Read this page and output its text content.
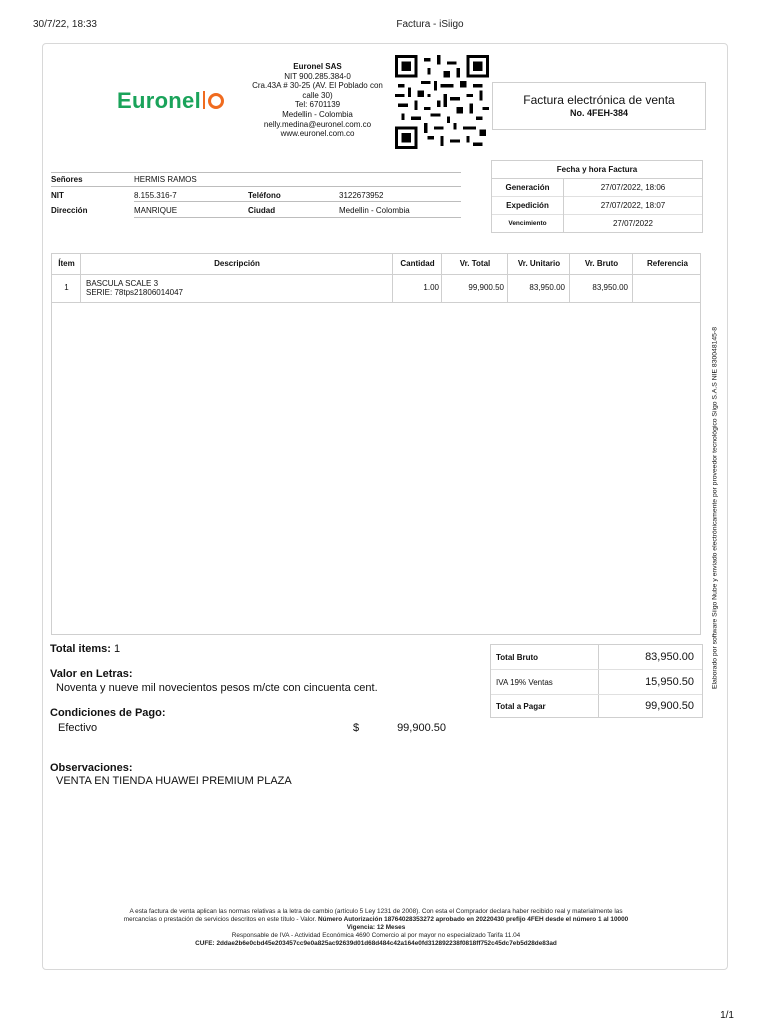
30/7/22, 18:33	Factura - iSiigo
Euronel
Euronel SAS
NIT 900.285.384-0
Cra.43A # 30-25 (AV. El Poblado con calle 30)
Tel: 6701139
Medellin - Colombia
nelly.medina@euronel.com.co
www.euronel.com.co
Factura electrónica de venta
No. 4FEH-384
Señores	HERMIS RAMOS
NIT	8.155.316-7	Teléfono	3122673952
Dirección	MANRIQUE	Ciudad	Medellin - Colombia
Fecha y hora Factura
Generación	27/07/2022, 18:06
Expedición	27/07/2022, 18:07
Vencimiento	27/07/2022
Ítem	Descripción	Cantidad	Vr. Total	Vr. Unitario	Vr. Bruto	Referencia
1	BASCULA SCALE 3
SERIE: 78tps21806014047
1.00	99,900.50	83,950.00	83,950.00
Total items: 1
Valor en Letras:
Noventa y nueve mil novecientos pesos m/cte con cincuenta cent.
Condiciones de Pago:
Efectivo	$	99,900.50
Observaciones:
VENTA EN TIENDA HUAWEI PREMIUM PLAZA
Total Bruto	83,950.00
IVA 19% Ventas	15,950.50
Total a Pagar	99,900.50
Elaborado por software Siigo Nube y enviado electrónicamente por proveedor tecnológico Siigo S.A.S NIE 830048145-8
A esta factura de venta aplican las normas relativas a la letra de cambio (artículo 5 Ley 1231 de 2008). Con esta el Comprador declara haber recibido real y materialmente las
mercancías o prestación de servicios descritos en este título - Valor. Número Autorización 18764028353272 aprobado en 20220430 prefijo 4FEH desde el número 1 al 10000
Vigencia: 12 Meses
Responsable de IVA - Actividad Económica 4690 Comercio al por mayor no especializado Tarifa 11.04
CUFE: 2ddae2b6e0cbd45e203457cc9e0a825ac92639d01d68d484c42a164e0fd312892238f0818ff752c45dc7eb5d28de83ad
1/1
